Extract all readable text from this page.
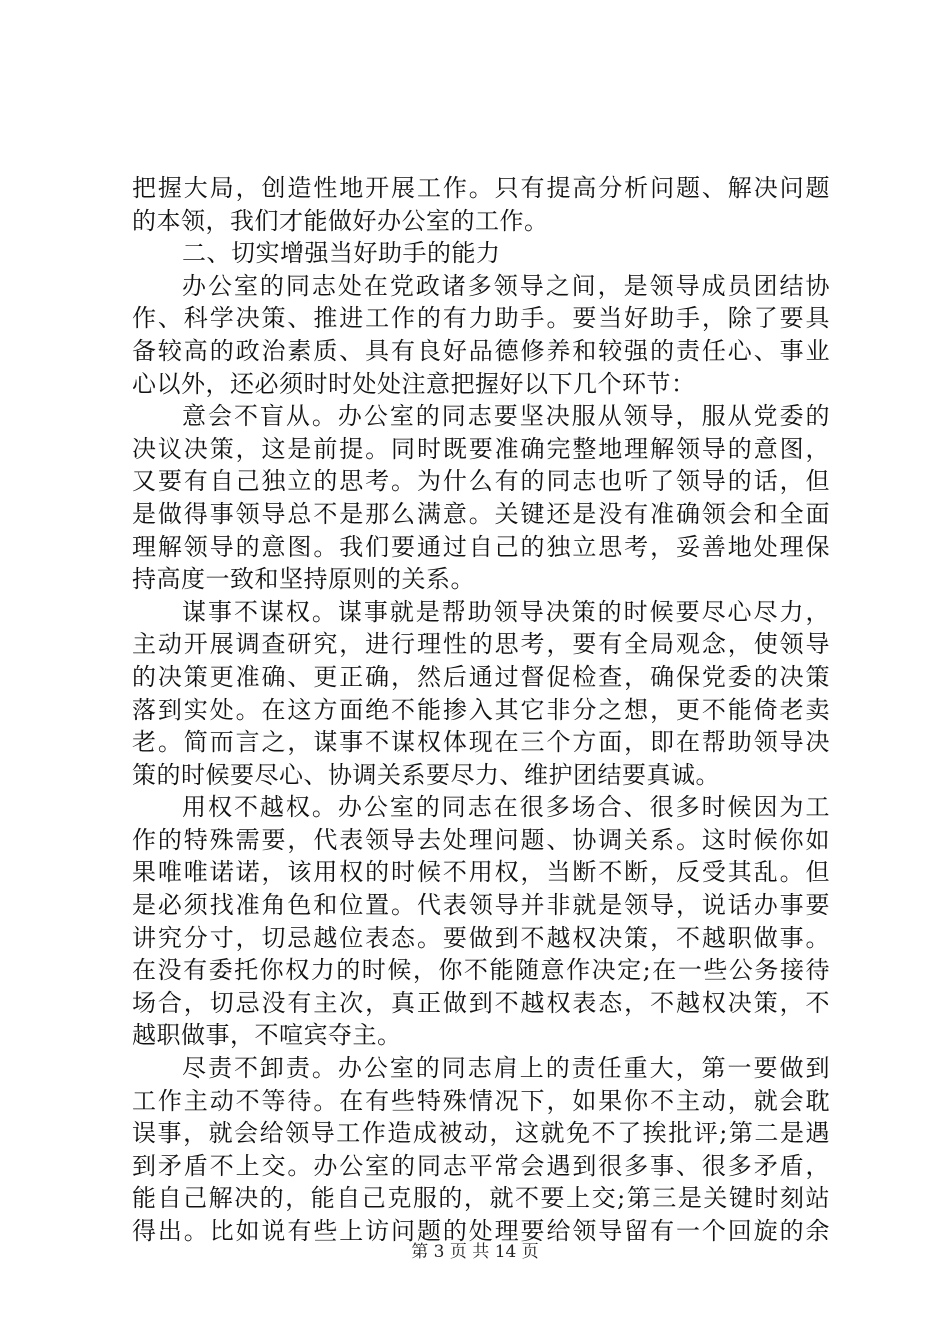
把握大局，创造性地开展工作。只有提高分析问题、解决问题
的本领，我们才能做好办公室的工作。
二、切实增强当好助手的能力
办公室的同志处在党政诸多领导之间，是领导成员团结协
作、科学决策、推进工作的有力助手。要当好助手，除了要具
备较高的政治素质、具有良好品德修养和较强的责任心、事业
心以外，还必须时时处处注意把握好以下几个环节：
意会不盲从。办公室的同志要坚决服从领导，服从党委的
决议决策，这是前提。同时既要准确完整地理解领导的意图，
又要有自己独立的思考。为什么有的同志也听了领导的话，但
是做得事领导总不是那么满意。关键还是没有准确领会和全面
理解领导的意图。我们要通过自己的独立思考，妥善地处理保
持高度一致和坚持原则的关系。
谋事不谋权。谋事就是帮助领导决策的时候要尽心尽力，
主动开展调查研究，进行理性的思考，要有全局观念，使领导
的决策更准确、更正确，然后通过督促检查，确保党委的决策
落到实处。在这方面绝不能掺入其它非分之想，更不能倚老卖
老。简而言之，谋事不谋权体现在三个方面，即在帮助领导决
策的时候要尽心、协调关系要尽力、维护团结要真诚。
用权不越权。办公室的同志在很多场合、很多时候因为工
作的特殊需要，代表领导去处理问题、协调关系。这时候你如
果唯唯诺诺，该用权的时候不用权，当断不断，反受其乱。但
是必须找准角色和位置。代表领导并非就是领导，说话办事要
讲究分寸，切忌越位表态。要做到不越权决策，不越职做事。
在没有委托你权力的时候，你不能随意作决定;在一些公务接待
场合，切忌没有主次，真正做到不越权表态，不越权决策，不
越职做事，不喧宾夺主。
尽责不卸责。办公室的同志肩上的责任重大，第一要做到
工作主动不等待。在有些特殊情况下，如果你不主动，就会耽
误事，就会给领导工作造成被动，这就免不了挨批评;第二是遇
到矛盾不上交。办公室的同志平常会遇到很多事、很多矛盾，
能自己解决的，能自己克服的，就不要上交;第三是关键时刻站
得出。比如说有些上访问题的处理要给领导留有一个回旋的余
第 3 页 共 14 页
